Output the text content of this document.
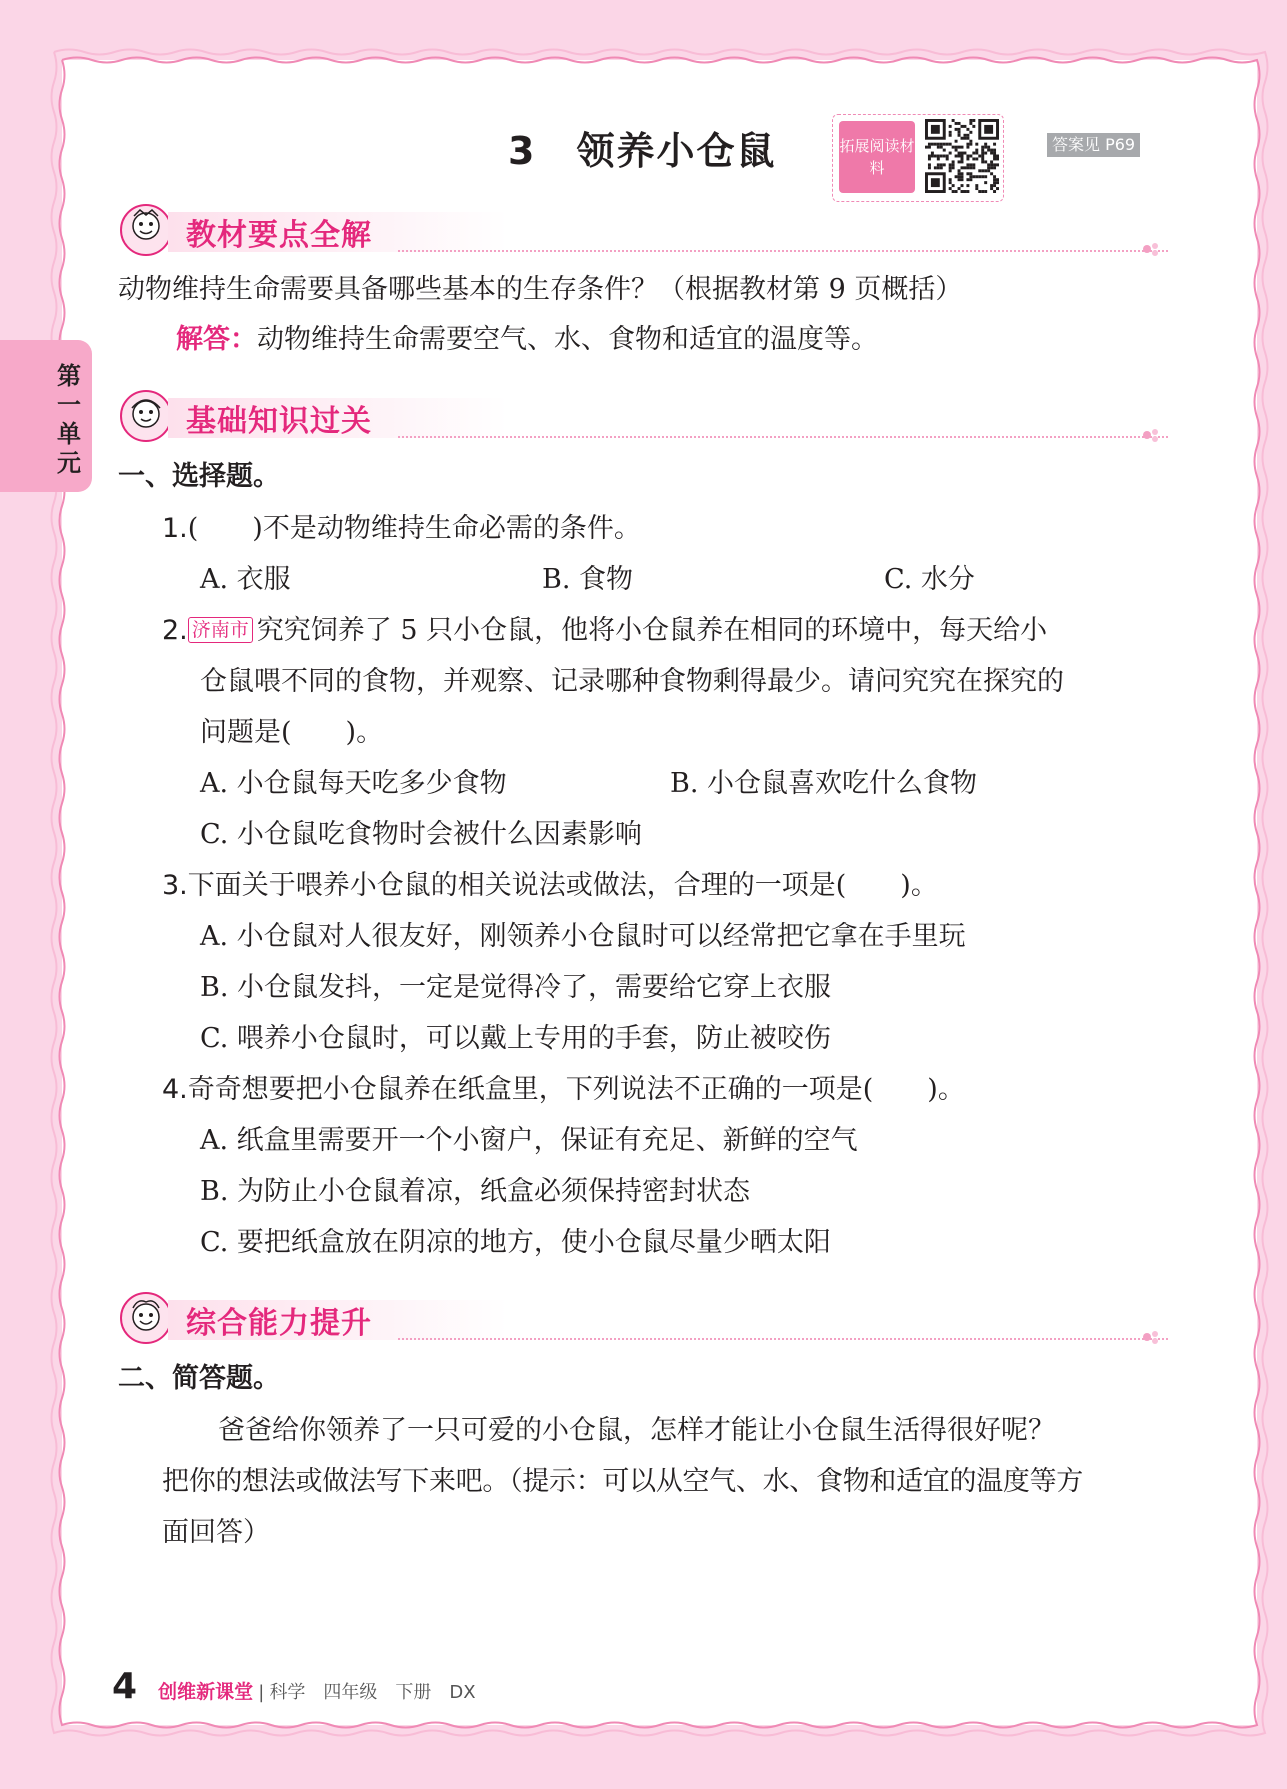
第一单元
3　领养小仓鼠	拓展阅读材料
答案见 P69
教材要点全解
动物维持生命需要具备哪些基本的生存条件？（根据教材第 9 页概括）
解答：动物维持生命需要空气、水、食物和适宜的温度等。
基础知识过关
一、选择题。
1.(　　)不是动物维持生命必需的条件。
A. 衣服	B. 食物	C. 水分
2. 济南市 究究饲养了 5 只小仓鼠，他将小仓鼠养在相同的环境中，每天给小
仓鼠喂不同的食物，并观察、记录哪种食物剩得最少。请问究究在探究的
问题是(　　)。
A. 小仓鼠每天吃多少食物	B. 小仓鼠喜欢吃什么食物
C. 小仓鼠吃食物时会被什么因素影响
3.下面关于喂养小仓鼠的相关说法或做法，合理的一项是(　　)。
A. 小仓鼠对人很友好，刚领养小仓鼠时可以经常把它拿在手里玩
B. 小仓鼠发抖，一定是觉得冷了，需要给它穿上衣服
C. 喂养小仓鼠时，可以戴上专用的手套，防止被咬伤
4.奇奇想要把小仓鼠养在纸盒里，下列说法不正确的一项是(　　)。
A. 纸盒里需要开一个小窗户，保证有充足、新鲜的空气
B. 为防止小仓鼠着凉，纸盒必须保持密封状态
C. 要把纸盒放在阴凉的地方，使小仓鼠尽量少晒太阳
综合能力提升
二、简答题。
爸爸给你领养了一只可爱的小仓鼠，怎样才能让小仓鼠生活得很好呢？
把你的想法或做法写下来吧。（提示：可以从空气、水、食物和适宜的温度等方
面回答）
4 创维新课堂 | 科学　四年级　下册　DX
